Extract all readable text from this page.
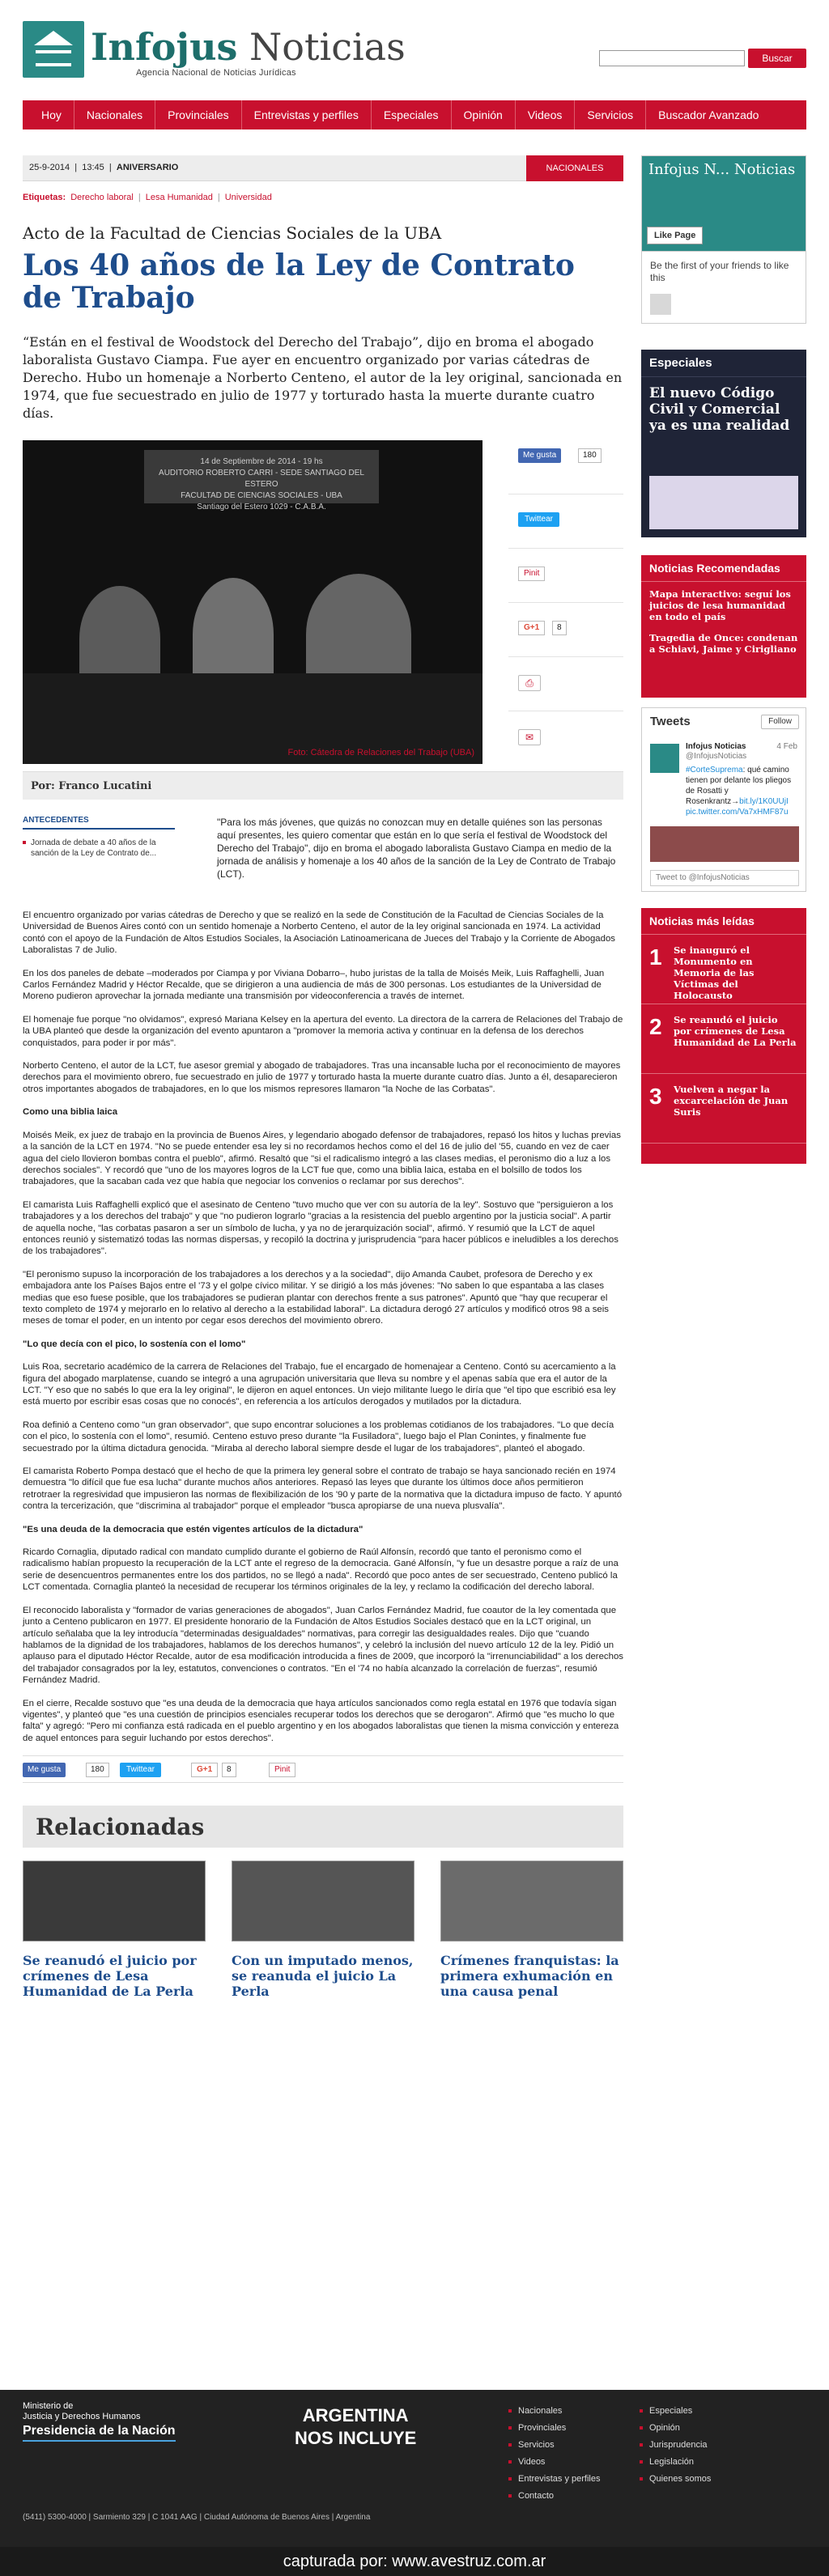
Infojus Noticias
Agencia Nacional de Noticias Jurídicas
Buscar
Hoy	Nacionales	Provinciales	Entrevistas y perfiles	Especiales	Opinión	Videos	Servicios	Buscador Avanzado
25-9-2014  |  13:45  |  ANIVERSARIO	NACIONALES
Etiquetas: Derecho laboral | Lesa Humanidad | Universidad
Acto de la Facultad de Ciencias Sociales de la UBA
Los 40 años de la Ley de Contrato de Trabajo
“Están en el festival de Woodstock del Derecho del Trabajo”, dijo en broma el abogado laboralista Gustavo Ciampa. Fue ayer en encuentro organizado por varias cátedras de Derecho. Hubo un homenaje a Norberto Centeno, el autor de la ley original, sancionada en 1974, que fue secuestrado en julio de 1977 y torturado hasta la muerte durante cuatro días.
14 de Septiembre de 2014 - 19 hs
AUDITORIO ROBERTO CARRI - SEDE SANTIAGO DEL ESTERO
FACULTAD DE CIENCIAS SOCIALES - UBA
Santiago del Estero 1029 - C.A.B.A.
Foto: Cátedra de Relaciones del Trabajo (UBA)
Me gusta	180
Twittear
Pinit
G+1	8
⎙
✉
Por: Franco Lucatini
ANTECEDENTES
Jornada de debate a 40 años de la sanción de la Ley de Contrato de...
"Para los más jóvenes, que quizás no conozcan muy en detalle quiénes son las personas aquí presentes, les quiero comentar que están en lo que sería el festival de Woodstock del Derecho del Trabajo", dijo en broma el abogado laboralista Gustavo Ciampa en medio de la jornada de análisis y homenaje a los 40 años de la sanción de la Ley de Contrato de Trabajo (LCT).

El encuentro organizado por varias cátedras de Derecho y que se realizó en la sede de Constitución de la Facultad de Ciencias Sociales de la Universidad de Buenos Aires contó con un sentido homenaje a Norberto Centeno, el autor de la ley original sancionada en 1974. La actividad contó con el apoyo de la Fundación de Altos Estudios Sociales, la Asociación Latinoamericana de Jueces del Trabajo y la Corriente de Abogados Laboralistas 7 de Julio.

En los dos paneles de debate –moderados por Ciampa y por Viviana Dobarro–, hubo juristas de la talla de Moisés Meik, Luis Raffaghelli, Juan Carlos Fernández Madrid y Héctor Recalde, que se dirigieron a una audiencia de más de 300 personas. Los estudiantes de la Universidad de Moreno pudieron aprovechar la jornada mediante una transmisión por videoconferencia a través de internet.

El homenaje fue porque "no olvidamos", expresó Mariana Kelsey en la apertura del evento. La directora de la carrera de Relaciones del Trabajo de la UBA planteó que desde la organización del evento apuntaron a "promover la memoria activa y continuar en la defensa de los derechos conquistados, para poder ir por más".

Norberto Centeno, el autor de la LCT, fue asesor gremial y abogado de trabajadores. Tras una incansable lucha por el reconocimiento de mayores derechos para el movimiento obrero, fue secuestrado en julio de 1977 y torturado hasta la muerte durante cuatro días. Junto a él, desaparecieron otros importantes abogados de trabajadores, en lo que los mismos represores llamaron "la Noche de las Corbatas".

Como una biblia laica

Moisés Meik, ex juez de trabajo en la provincia de Buenos Aires, y legendario abogado defensor de trabajadores, repasó los hitos y luchas previas a la sanción de la LCT en 1974. "No se puede entender esa ley si no recordamos hechos como el del 16 de julio del '55, cuando en vez de caer agua del cielo llovieron bombas contra el pueblo", afirmó. Resaltó que "si el radicalismo integró a las clases medias, el peronismo dio a luz a los derechos sociales". Y recordó que "uno de los mayores logros de la LCT fue que, como una biblia laica, estaba en el bolsillo de todos los trabajadores, que la sacaban cada vez que había que negociar los convenios o reclamar por sus derechos".

El camarista Luis Raffaghelli explicó que el asesinato de Centeno "tuvo mucho que ver con su autoría de la ley". Sostuvo que "persiguieron a los trabajadores y a los derechos del trabajo" y que "no pudieron lograrlo "gracias a la resistencia del pueblo argentino por la justicia social". A partir de aquella noche, "las corbatas pasaron a ser un símbolo de lucha, y ya no de jerarquización social", afirmó. Y resumió que la LCT de aquel entonces reunió y sistematizó todas las normas dispersas, y recopiló la doctrina y jurisprudencia "para hacer públicos e ineludibles a los derechos de los trabajadores".

"El peronismo supuso la incorporación de los trabajadores a los derechos y a la sociedad", dijo Amanda Caubet, profesora de Derecho y ex embajadora ante los Países Bajos entre el '73 y el golpe cívico militar. Y se dirigió a los más jóvenes: "No saben lo que espantaba a las clases medias que eso fuese posible, que los trabajadores se pudieran plantar con derechos frente a sus patrones". Apuntó que "hay que recuperar el texto completo de 1974 y mejorarlo en lo relativo al derecho a la estabilidad laboral". La dictadura derogó 27 artículos y modificó otros 98 a seis meses de tomar el poder, en un intento por cegar esos derechos del movimiento obrero.

"Lo que decía con el pico, lo sostenía con el lomo"

Luis Roa, secretario académico de la carrera de Relaciones del Trabajo, fue el encargado de homenajear a Centeno. Contó su acercamiento a la figura del abogado marplatense, cuando se integró a una agrupación universitaria que lleva su nombre y el apenas sabía que era el autor de la LCT. "Y eso que no sabés lo que era la ley original", le dijeron en aquel entonces. Un viejo militante luego le diría que "el tipo que escribió esa ley está muerto por escribir esas cosas que no conocés", en referencia a los artículos derogados y mutilados por la dictadura.

Roa definió a Centeno como "un gran observador", que supo encontrar soluciones a los problemas cotidianos de los trabajadores. "Lo que decía con el pico, lo sostenía con el lomo", resumió. Centeno estuvo preso durante "la Fusiladora", luego bajo el Plan Conintes, y finalmente fue secuestrado por la última dictadura genocida. "Miraba al derecho laboral siempre desde el lugar de los trabajadores", planteó el abogado.

El camarista Roberto Pompa destacó que el hecho de que la primera ley general sobre el contrato de trabajo se haya sancionado recién en 1974 demuestra "lo difícil que fue esa lucha" durante muchos años anteriores. Repasó las leyes que durante los últimos doce años permitieron retrotraer la regresividad que impusieron las normas de flexibilización de los '90 y parte de la normativa que la dictadura impuso de facto. Y apuntó contra la tercerización, que "discrimina al trabajador" porque el empleador "busca apropiarse de una nueva plusvalía".

"Es una deuda de la democracia que estén vigentes artículos de la dictadura"

Ricardo Cornaglia, diputado radical con mandato cumplido durante el gobierno de Raúl Alfonsín, recordó que tanto el peronismo como el radicalismo habían propuesto la recuperación de la LCT ante el regreso de la democracia. Gané Alfonsín, "y fue un desastre porque a raíz de una serie de desencuentros permanentes entre los dos partidos, no se llegó a nada". Recordó que poco antes de ser secuestrado, Centeno publicó la LCT comentada. Cornaglia planteó la necesidad de recuperar los términos originales de la ley, y reclamo la codificación del derecho laboral.

El reconocido laboralista y "formador de varias generaciones de abogados", Juan Carlos Fernández Madrid, fue coautor de la ley comentada que junto a Centeno publicaron en 1977. El presidente honorario de la Fundación de Altos Estudios Sociales destacó que en la LCT original, un artículo señalaba que la ley introducía "determinadas desigualdades" normativas, para corregir las desigualdades reales. Dijo que "cuando hablamos de la dignidad de los trabajadores, hablamos de los derechos humanos", y celebró la inclusión del nuevo artículo 12 de la ley. Pidió un aplauso para el diputado Héctor Recalde, autor de esa modificación introducida a fines de 2009, que incorporó la "irrenunciabilidad" a los derechos del trabajador consagrados por la ley, estatutos, convenciones o contratos. "En el '74 no había alcanzado la correlación de fuerzas", resumió Fernández Madrid.

En el cierre, Recalde sostuvo que "es una deuda de la democracia que haya artículos sancionados como regla estatal en 1976 que todavía sigan vigentes", y planteó que "es una cuestión de principios esenciales recuperar todos los derechos que se derogaron". Afirmó que "es mucho lo que falta" y agregó: "Pero mi confianza está radicada en el pueblo argentino y en los abogados laboralistas que tienen la misma convicción y entereza de aquel entonces para seguir luchando por estos derechos".

Me gusta	180	Twittear	G+1	8	Pinit
Relacionadas
Se reanudó el juicio por crímenes de Lesa Humanidad de La Perla
Con un imputado menos, se reanuda el juicio La Perla
Crímenes franquistas: la primera exhumación en una causa penal
Infojus N... Noticias
Like Page
Be the first of your friends to like this
Especiales
El nuevo Código Civil y Comercial ya es una realidad
Noticias Recomendadas
Mapa interactivo: seguí los juicios de lesa humanidad en todo el país
Tragedia de Once: condenan a Schiavi, Jaime y Cirigliano
Tweets	Follow
Infojus Noticias
@InfojusNoticias
4 Feb
#CorteSuprema: qué camino tienen por delante los pliegos de Rosatti y Rosenkrantz→bit.ly/1K0UUjI pic.twitter.com/Va7xHMF87u
Tweet to @InfojusNoticias
Noticias más leídas
1 Se inauguró el Monumento en Memoria de las Víctimas del Holocausto
2 Se reanudó el juicio por crímenes de Lesa Humanidad de La Perla
3 Vuelven a negar la excarcelación de Juan Suris
Ministerio de
Justicia y Derechos Humanos
Presidencia de la Nación
ARGENTINA
NOS INCLUYE
Nacionales
Provinciales
Servicios
Videos
Entrevistas y perfiles
Contacto
Especiales
Opinión
Jurisprudencia
Legislación
Quienes somos
(5411) 5300-4000 | Sarmiento 329 | C 1041 AAG | Ciudad Autónoma de Buenos Aires | Argentina
capturada por: www.avestruz.com.ar
